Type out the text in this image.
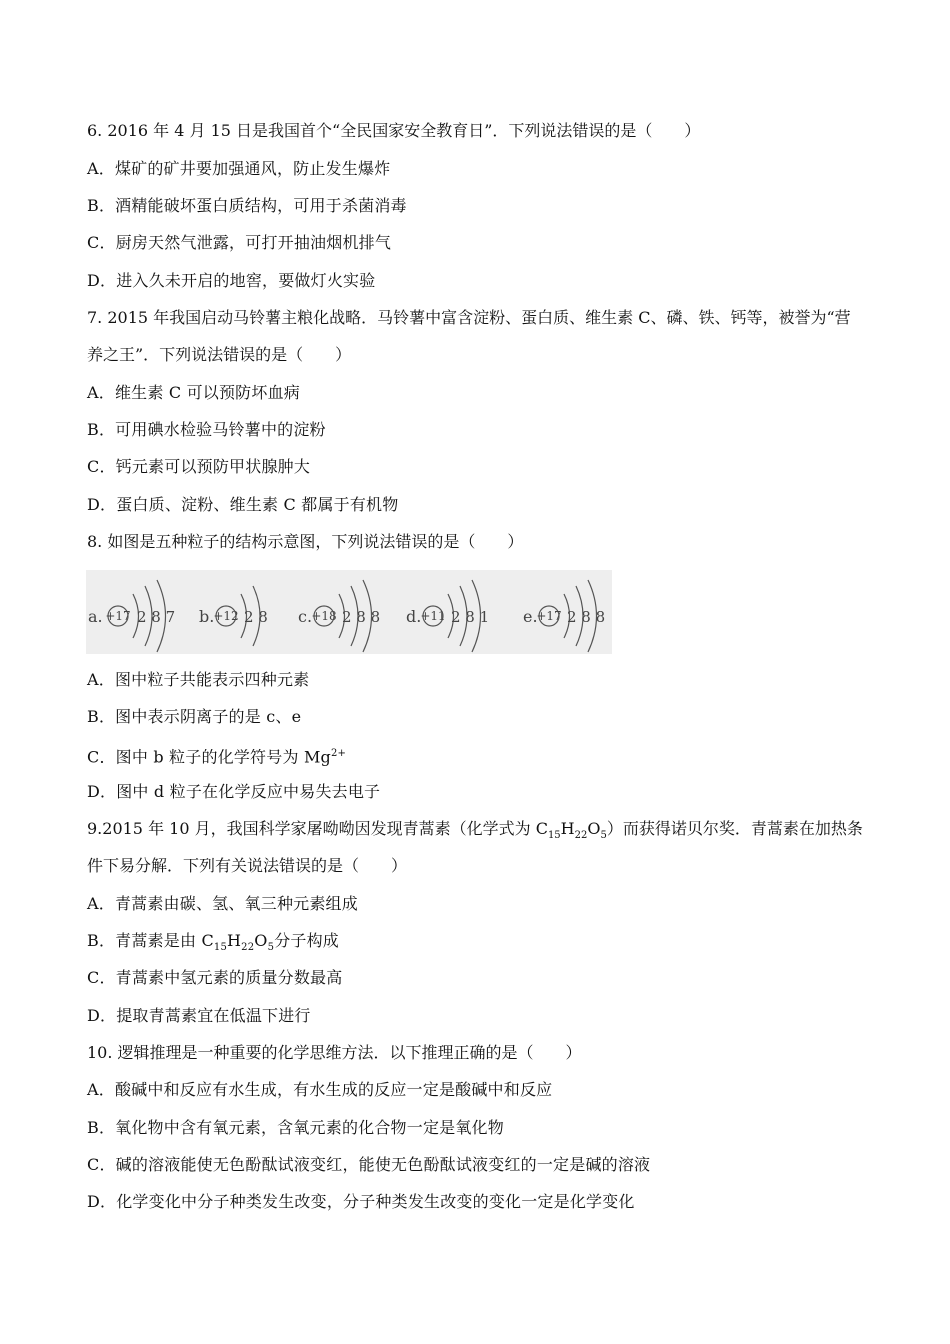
6. 2016 年 4 月 15 日是我国首个“全民国家安全教育日”．下列说法错误的是（　　）
A．煤矿的矿井要加强通风，防止发生爆炸
B．酒精能破坏蛋白质结构，可用于杀菌消毒
C．厨房天然气泄露，可打开抽油烟机排气
D．进入久未开启的地窖，要做灯火实验
7. 2015 年我国启动马铃薯主粮化战略．马铃薯中富含淀粉、蛋白质、维生素 C、磷、铁、钙等，被誉为“营
养之王”．下列说法错误的是（　　）
A．维生素 C 可以预防坏血病
B．可用碘水检验马铃薯中的淀粉
C．钙元素可以预防甲状腺肿大
D．蛋白质、淀粉、维生素 C 都属于有机物
8. 如图是五种粒子的结构示意图，下列说法错误的是（　　）
a. +17 2 8 7 b. +12 2 8 c. +18 2 8 8 d. +11 2 8 1 e.
+17 2 8 8
A．图中粒子共能表示四种元素
B．图中表示阴离子的是 c、e
C．图中 b 粒子的化学符号为 $Mg^{2+}$
D．图中 d 粒子在化学反应中易失去电子
9.2015 年 10 月，我国科学家屠呦呦因发现青蒿素（化学式为 $C_{15}H_{22}O_5$）而获得诺贝尔奖．青蒿素在加热条
件下易分解．下列有关说法错误的是（　　）
A．青蒿素由碳、氢、氧三种元素组成
B．青蒿素是由 $C_{15}H_{22}O_5$分子构成
C．青蒿素中氢元素的质量分数最高
D．提取青蒿素宜在低温下进行
10. 逻辑推理是一种重要的化学思维方法．以下推理正确的是（　　）
A．酸碱中和反应有水生成，有水生成的反应一定是酸碱中和反应
B．氧化物中含有氧元素，含氧元素的化合物一定是氧化物
C．碱的溶液能使无色酚酞试液变红，能使无色酚酞试液变红的一定是碱的溶液
D．化学变化中分子种类发生改变，分子种类发生改变的变化一定是化学变化
